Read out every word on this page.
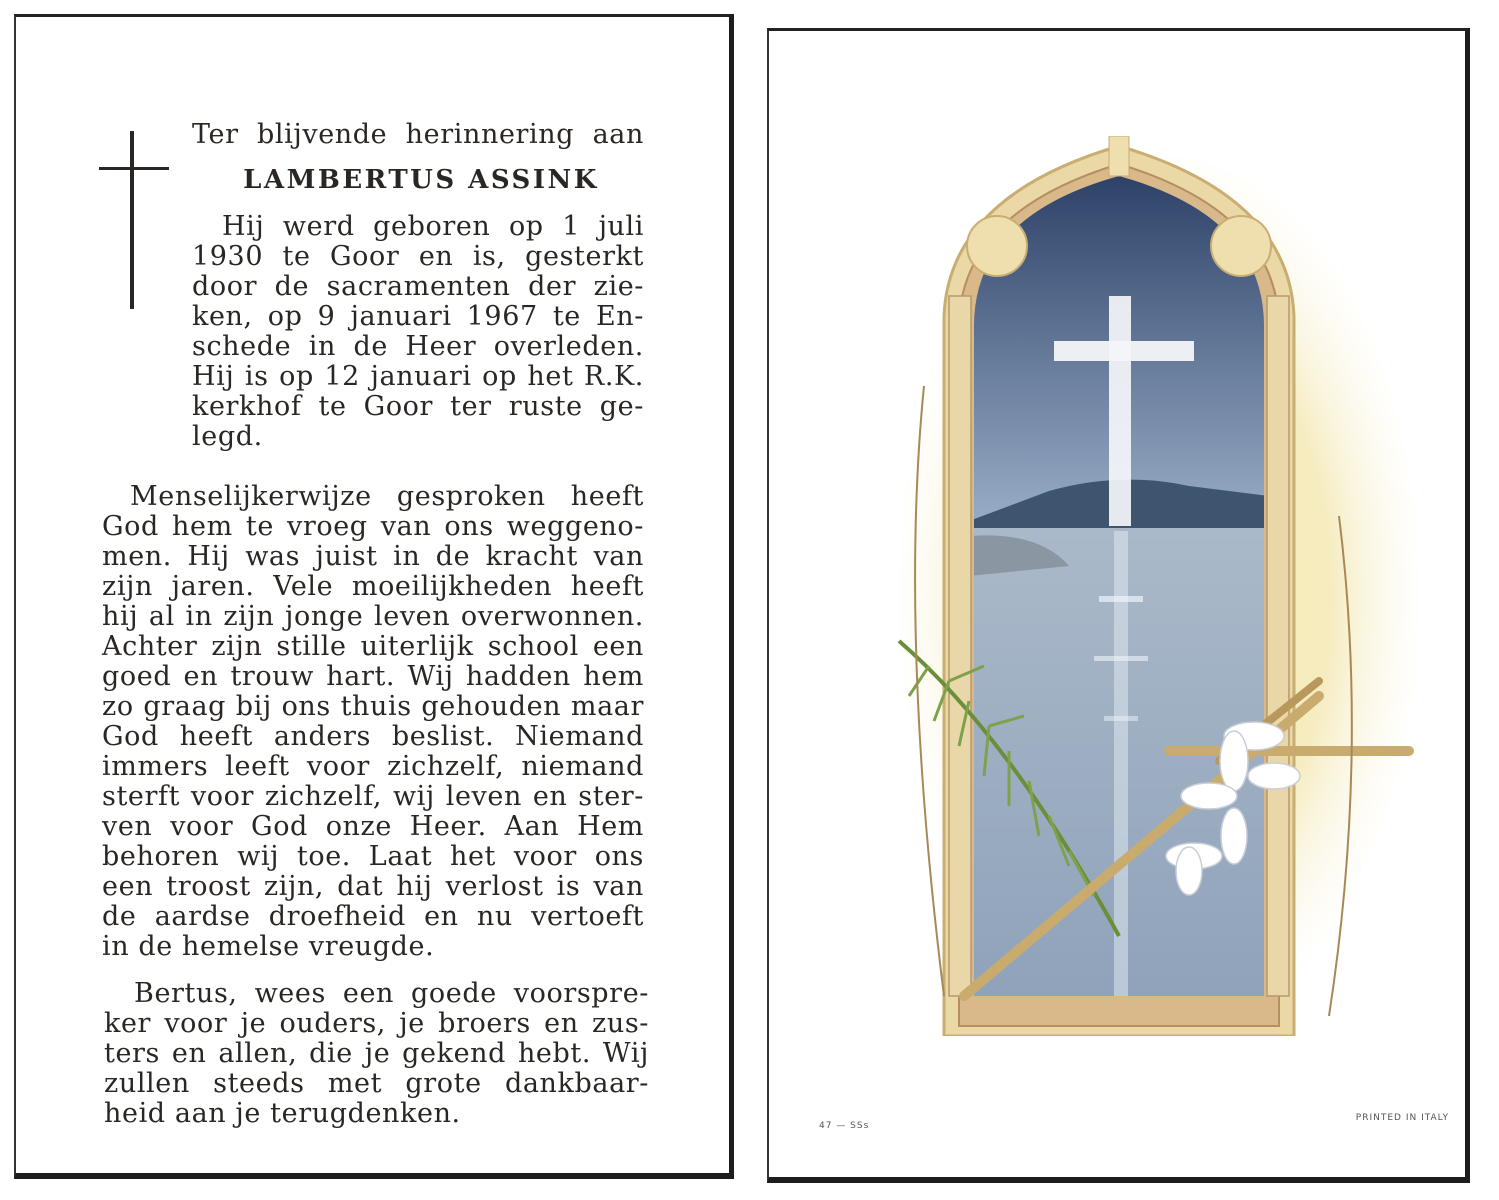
Ter blijvende herinnering aan
LAMBERTUS ASSINK
Hij werd geboren op 1 juli
1930 te Goor en is, gesterkt
door de sacramenten der zie-
ken, op 9 januari 1967 te En-
schede in de Heer overleden.
Hij is op 12 januari op het R.K.
kerkhof te Goor ter ruste ge-
legd.
Menselijkerwijze gesproken heeft
God hem te vroeg van ons weggeno-
men. Hij was juist in de kracht van
zijn jaren. Vele moeilijkheden heeft
hij al in zijn jonge leven overwonnen.
Achter zijn stille uiterlijk school een
goed en trouw hart. Wij hadden hem
zo graag bij ons thuis gehouden maar
God heeft anders beslist. Niemand
immers leeft voor zichzelf, niemand
sterft voor zichzelf, wij leven en ster-
ven voor God onze Heer. Aan Hem
behoren wij toe. Laat het voor ons
een troost zijn, dat hij verlost is van
de aardse droefheid en nu vertoeft
in de hemelse vreugde.
Bertus, wees een goede voorspre-
ker voor je ouders, je broers en zus-
ters en allen, die je gekend hebt. Wij
zullen steeds met grote dankbaar-
heid aan je terugdenken.	47 — SSs
PRINTED IN ITALY
